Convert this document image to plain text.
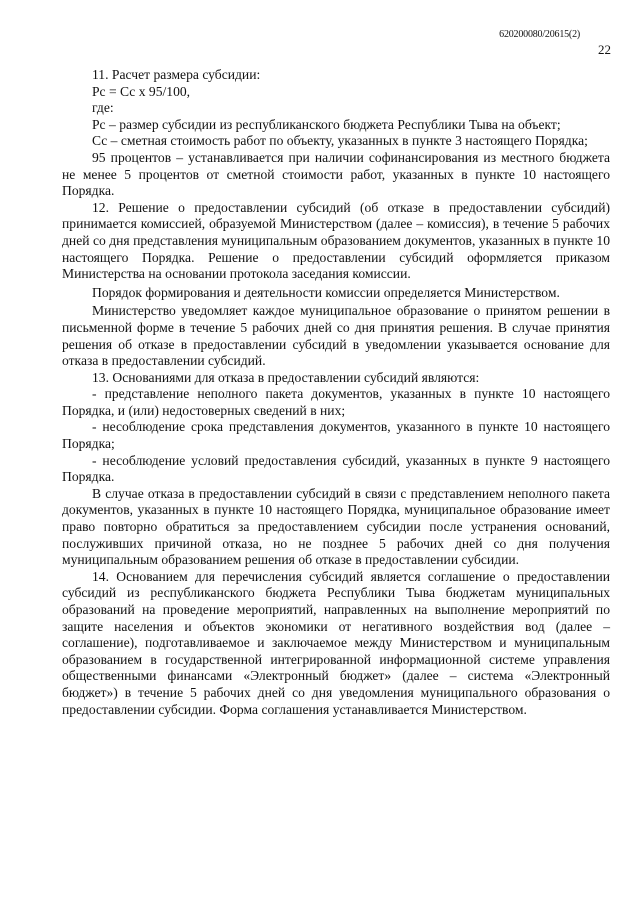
620200080/20615(2)
22

11. Расчет размера субсидии:

Рс = Сс х 95/100,

где:

Рс – размер субсидии из республиканского бюджета Республики Тыва на объект;

Сс – сметная стоимость работ по объекту, указанных в пункте 3 настоящего Порядка;

95 процентов – устанавливается при наличии софинансирования из местного бюджета не менее 5 процентов от сметной стоимости работ, указанных в пункте 10 настоящего Порядка.

12. Решение о предоставлении субсидий (об отказе в предоставлении субсидий) принимается комиссией, образуемой Министерством (далее – комиссия), в течение 5 рабочих дней со дня представления муниципальным образованием документов, указанных в пункте 10 настоящего Порядка. Решение о предоставлении субсидий оформляется приказом Министерства на основании протокола заседания комиссии.

Порядок формирования и деятельности комиссии определяется Министерством.

Министерство уведомляет каждое муниципальное образование о принятом решении в письменной форме в течение 5 рабочих дней со дня принятия решения. В случае принятия решения об отказе в предоставлении субсидий в уведомлении указывается основание для отказа в предоставлении субсидий.

13. Основаниями для отказа в предоставлении субсидий являются:

- представление неполного пакета документов, указанных в пункте 10 настоящего Порядка, и (или) недостоверных сведений в них;

- несоблюдение срока представления документов, указанного в пункте 10 настоящего Порядка;

- несоблюдение условий предоставления субсидий, указанных в пункте 9 настоящего Порядка.

В случае отказа в предоставлении субсидий в связи с представлением неполного пакета документов, указанных в пункте 10 настоящего Порядка, муниципальное образование имеет право повторно обратиться за предоставлением субсидии после устранения оснований, послуживших причиной отказа, но не позднее 5 рабочих дней со дня получения муниципальным образованием решения об отказе в предоставлении субсидии.

14. Основанием для перечисления субсидий является соглашение о предоставлении субсидий из республиканского бюджета Республики Тыва бюджетам муниципальных образований на проведение мероприятий, направленных на выполнение мероприятий по защите населения и объектов экономики от негативного воздействия вод (далее – соглашение), подготавливаемое и заключаемое между Министерством и муниципальным образованием в государственной интегрированной информационной системе управления общественными финансами «Электронный бюджет» (далее – система «Электронный бюджет») в течение 5 рабочих дней со дня уведомления муниципального образования о предоставлении субсидии. Форма соглашения устанавливается Министерством.
